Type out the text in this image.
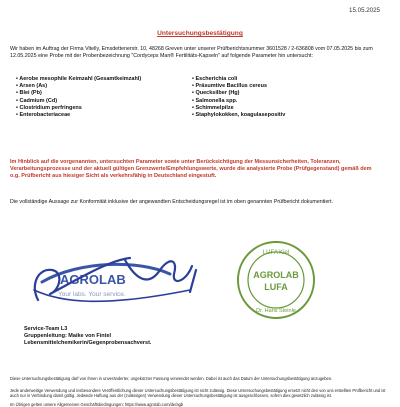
15.05.2025
Untersuchungsbestätigung
Wir haben im Auftrag der Firma Vitelly, Emsdettenerstr. 10, 48268 Greven unter unserer Prüfberichtsnummer 3601528 / 2-636808 vom 07.05.2025 bis zum 12.05.2025 eine Probe mit der Probenbezeichnung "Cordyceps Man® Fertilitäts-Kapseln" auf folgende Parameter hin untersucht:
• Aerobe mesophile Keimzahl (Gesamtkeimzahl)	• Escherichia coli
• Arsen (As)	• Präsumtive Bacillus cereus
• Blei (Pb)	• Quecksilber (Hg)
• Cadmium (Cd)	• Salmonella spp.
• Clostridium perfringens	• Schimmelpilze
• Enterobacteriaceae	• Staphylokokken, koagulasepositiv
Im Hinblick auf die vorgenannten, untersuchten Parameter sowie unter Berücksichtigung der Messunsicherheiten, Toleranzen, Verarbeitungsprozesse und der aktuell gültigen Grenzwerte/Empfehlungswerte, wurde die analysierte Probe (Prüfgegenstand) gemäß dem o.g. Prüfbericht aus hiesiger Sicht als verkehrsfähig in Deutschland eingestuft.
Die vollständige Aussage zur Konformität inklusive der angewandten Entscheidungsregel ist im oben genannten Prüfbericht dokumentiert.
AGROLAB
Your labs. Your service.
LUFA Kiel
AGROLAB
LUFA
Dr. Hans Steinle
Service-Team L3
Gruppenleitung: Maike von Fintel
Lebensmittelchemikerin/Gegenprobensachverst.
Diese Untersuchungsbestätigung darf von Ihnen in unveränderter, ungekürzter Fassung verwendet werden. Dabei ist auch das Datum der Untersuchungsbestätigung anzugeben.
Jede anderweitige Verwendung und insbesondere Veröffentlichung dieser Untersuchungsbestätigung ist nicht zulässig. Diese Untersuchungsbestätigung ersetzt nicht den von uns erstellten Prüfbericht und ist auch nur in Verbindung damit gültig. Jedwede Haftung aus der (zulässigen) Verwendung dieser Untersuchungsbestätigung ist ausgeschlossen, sofern dies gesetzlich zulässig ist.
Im Übrigen gelten unsere Allgemeinen Geschäftsbedingungen: https://www.agrolab.com/de/agb
